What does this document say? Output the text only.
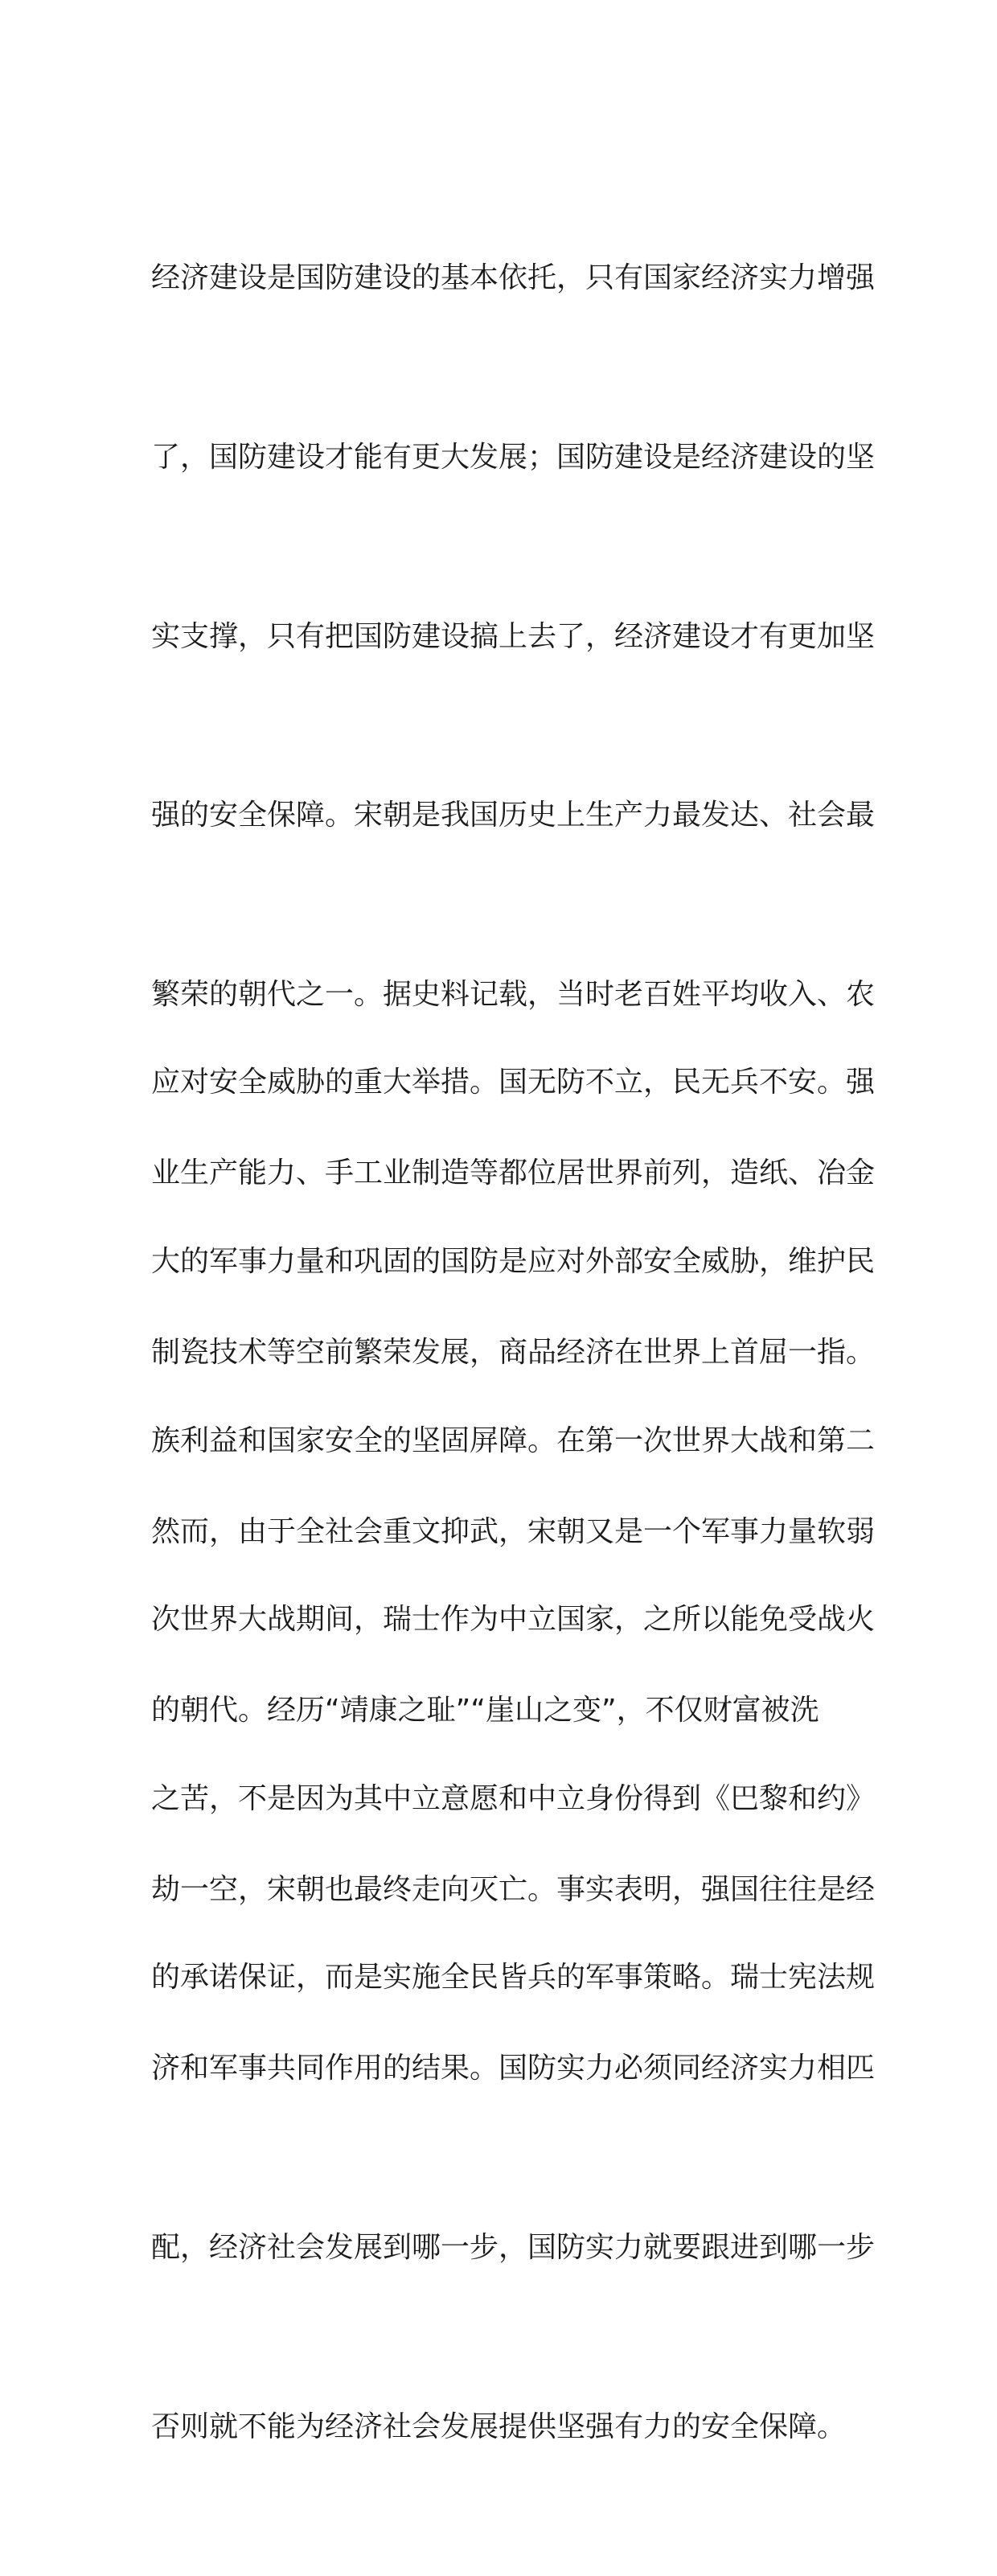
经济建设是国防建设的基本依托，只有国家经济实力增强

了，国防建设才能有更大发展；国防建设是经济建设的坚

实支撑，只有把国防建设搞上去了，经济建设才有更加坚

强的安全保障。宋朝是我国历史上生产力最发达、社会最

繁荣的朝代之一。据史料记载，当时老百姓平均收入、农

业生产能力、手工业制造等都位居世界前列，造纸、冶金

制瓷技术等空前繁荣发展，商品经济在世界上首屈一指。

然而，由于全社会重文抑武，宋朝又是一个军事力量软弱

的朝代。经历“靖康之耻”“崖山之变”，不仅财富被洗

劫一空，宋朝也最终走向灭亡。事实表明，强国往往是经

济和军事共同作用的结果。国防实力必须同经济实力相匹

配，经济社会发展到哪一步，国防实力就要跟进到哪一步

否则就不能为经济社会发展提供坚强有力的安全保障。

应对安全威胁的重大举措。国无防不立，民无兵不安。强

大的军事力量和巩固的国防是应对外部安全威胁，维护民

族利益和国家安全的坚固屏障。在第一次世界大战和第二

次世界大战期间，瑞士作为中立国家，之所以能免受战火

之苦，不是因为其中立意愿和中立身份得到《巴黎和约》

的承诺保证，而是实施全民皆兵的军事策略。瑞士宪法规
